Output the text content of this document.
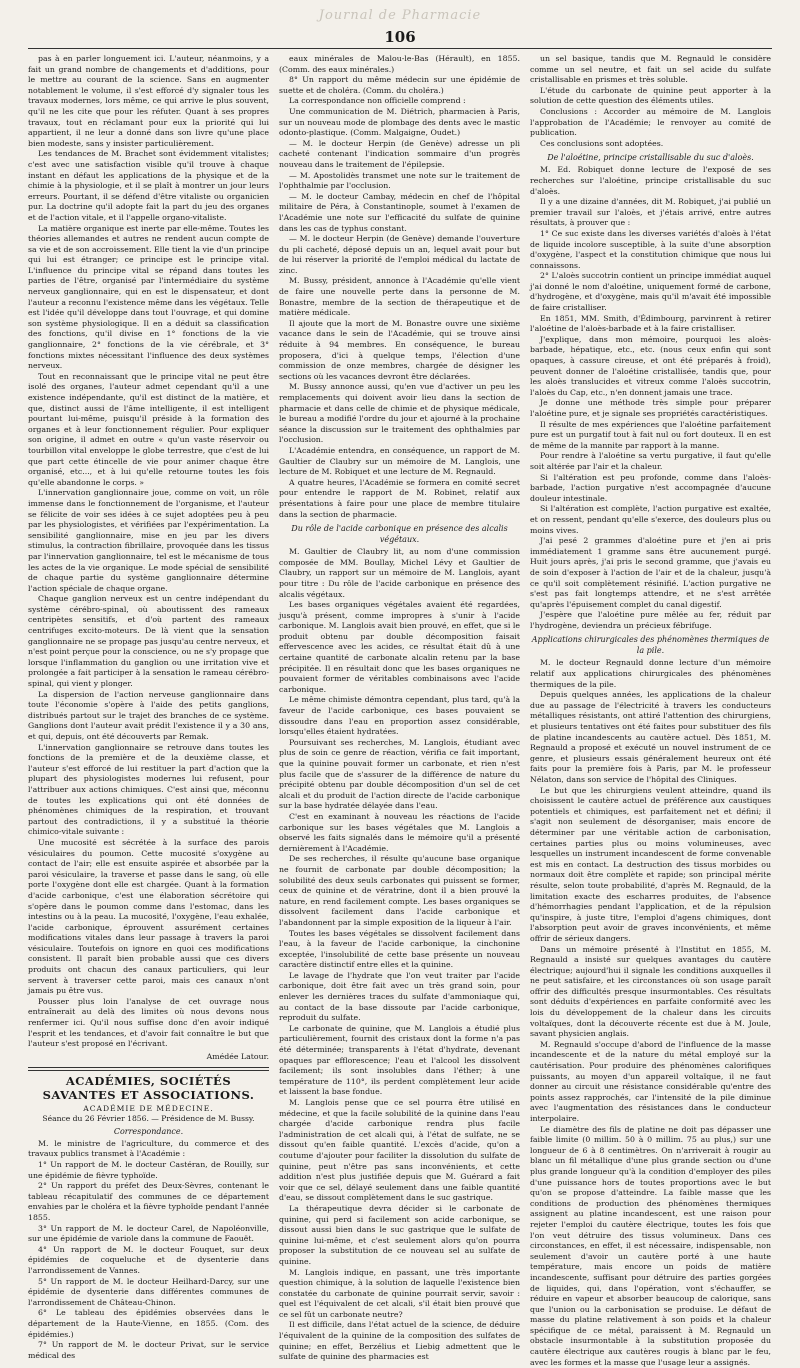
Journal de Pharmacie
106

pas à en parler longuement ici. L'auteur, néanmoins, y a fait un grand nombre de changements et d'additions, pour le mettre au courant de la science. Sans en augmenter notablement le volume, il s'est efforcé d'y signaler tous les travaux modernes, lors même, ce qui arrive le plus souvent, qu'il ne les cite que pour les réfuter. Quant à ses propres travaux, tout en réclamant pour eux la priorité qui lui appartient, il ne leur a donné dans son livre qu'une place bien modeste, sans y insister particulièrement.

Les tendances de M. Brachet sont évidemment vitalistes; c'est avec une satisfaction visible qu'il trouve à chaque instant en défaut les applications de la physique et de la chimie à la physiologie, et il se plaît à montrer un jour leurs erreurs. Pourtant, il se défend d'être vitaliste ou organicien pur. La doctrine qu'il adopte fait la part du jeu des organes et de l'action vitale, et il l'appelle organo-vitaliste.

La matière organique est inerte par elle-même. Toutes les théories allemandes et autres ne rendent aucun compte de sa vie et de son accroissement. Elle tient la vie d'un principe qui lui est étranger; ce principe est le principe vital. L'influence du principe vital se répand dans toutes les parties de l'être, organisé par l'intermédiaire du système nerveux ganglionnaire, qui en est le dispensateur, et dont l'auteur a reconnu l'existence même dans les végétaux. Telle est l'idée qu'il développe dans tout l'ouvrage, et qui domine son système physiologique. Il en a déduit sa classification des fonctions, qu'il divise en 1° fonctions de la vie ganglionnaire, 2° fonctions de la vie cérébrale, et 3° fonctions mixtes nécessitant l'influence des deux systèmes nerveux.

Tout en reconnaissant que le principe vital ne peut être isolé des organes, l'auteur admet cependant qu'il a une existence indépendante, qu'il est distinct de la matière, et que, distinct aussi de l'âme intelligente, il est intelligent pourtant lui-même, puisqu'il préside à la formation des organes et à leur fonctionnement régulier. Pour expliquer son origine, il admet en outre « qu'un vaste réservoir ou tourbillon vital enveloppe le globe terrestre, que c'est de lui que part cette étincelle de vie pour animer chaque être organisé, etc..., et à lui qu'elle retourne toutes les fois qu'elle abandonne le corps. »

L'innervation ganglionnaire joue, comme on voit, un rôle immense dans le fonctionnement de l'organisme, et l'auteur se félicite de voir ses idées à ce sujet adoptées peu à peu par les physiologistes, et vérifiées par l'expérimentation. La sensibilité ganglionnaire, mise en jeu par les divers stimulus, la contraction fibrillaire, provoquée dans les tissus par l'innervation ganglionnaire, tel est le mécanisme de tous les actes de la vie organique. Le mode spécial de sensibilité de chaque partie du système ganglionnaire détermine l'action spéciale de chaque organe.

Chaque ganglion nerveux est un centre indépendant du système cérébro-spinal, où aboutissent des rameaux centripètes sensitifs, et d'où partent des rameaux centrifuges excito-moteurs. De là vient que la sensation ganglionnaire ne se propage pas jusqu'au centre nerveux, et n'est point perçue pour la conscience, ou ne s'y propage que lorsque l'inflammation du ganglion ou une irritation vive et prolongée a fait participer à la sensation le rameau cérébro-spinal, qui vient y plonger.

La dispersion de l'action nerveuse ganglionnaire dans toute l'économie s'opère à l'aide des petits ganglions, distribués partout sur le trajet des branches de ce système. Ganglions dont l'auteur avait prédit l'existence il y a 30 ans, et qui, depuis, ont été découverts par Remak.

L'innervation ganglionnaire se retrouve dans toutes les fonctions de la première et de la deuxième classe, et l'auteur s'est efforcé de lui restituer la part d'action que la plupart des physiologistes modernes lui refusent, pour l'attribuer aux actions chimiques. C'est ainsi que, méconnu de toutes les explications qui ont été données de phénomènes chimiques de la respiration, et trouvant partout des contradictions, il y a substitué la théorie chimico-vitale suivante :

Une mucosité est sécrétée à la surface des parois vésiculaires du poumon. Cette mucosité s'oxygène au contact de l'air; elle est ensuite aspirée et absorbée par la paroi vésiculaire, la traverse et passe dans le sang, où elle porte l'oxygène dont elle est chargée. Quant à la formation d'acide carbonique, c'est une élaboration sécrétoire qui s'opère dans le poumon comme dans l'estomac, dans les intestins ou à la peau. La mucosité, l'oxygène, l'eau exhalée, l'acide carbonique, éprouvent assurément certaines modifications vitales dans leur passage à travers la paroi vésiculaire. Toutefois on ignore en quoi ces modifications consistent. Il paraît bien probable aussi que ces divers produits ont chacun des canaux particuliers, qui leur servent à traverser cette paroi, mais ces canaux n'ont jamais pu être vus.

Pousser plus loin l'analyse de cet ouvrage nous entraînerait au delà des limites où nous devons nous renfermer ici. Qu'il nous suffise donc d'en avoir indiqué l'esprit et les tendances, et d'avoir fait connaître le but que l'auteur s'est proposé en l'écrivant.

Amédée Latour.
ACADÉMIES, SOCIÉTÉS SAVANTES ET ASSOCIATIONS.
ACADÉMIE DE MÉDECINE.
Séance du 26 Février 1856. — Présidence de M. Bussy.
Correspondance.

M. le ministre de l'agriculture, du commerce et des travaux publics transmet à l'Académie :

1° Un rapport de M. le docteur Castéran, de Rouilly, sur une épidémie de fièvre typhoïde.

2° Un rapport du préfet des Deux-Sèvres, contenant le tableau récapitulatif des communes de ce département envahies par le choléra et la fièvre typhoïde pendant l'année 1855.

3° Un rapport de M. le docteur Carel, de Napoléonville, sur une épidémie de variole dans la commune de Faouët.

4° Un rapport de M. le docteur Fouquet, sur deux épidémies de coqueluche et de dysenterie dans l'arrondissement de Vannes.

5° Un rapport de M. le docteur Heilhard-Darcy, sur une épidémie de dysenterie dans différentes communes de l'arrondissement de Château-Chinon.

6° Le tableau des épidémies observées dans le département de la Haute-Vienne, en 1855. (Com. des épidémies.)

7° Un rapport de M. le docteur Privat, sur le service médical des

eaux minérales de Malou-le-Bas (Hérault), en 1855. (Comm. des eaux minérales.)

8° Un rapport du même médecin sur une épidémie de suette et de choléra. (Comm. du choléra.)

La correspondance non officielle comprend :

Une communication de M. Diétrich, pharmacien à Paris, sur un nouveau mode de plombage des dents avec le mastic odonto-plastique. (Comm. Malgaigne, Oudet.)

— M. le docteur Herpin (de Genève) adresse un pli cacheté contenant l'indication sommaire d'un progrès nouveau dans le traitement de l'épilepsie.

— M. Apostolidès transmet une note sur le traitement de l'ophthalmie par l'occlusion.

— M. le docteur Cambay, médecin en chef de l'hôpital militaire de Péra, à Constantinople, soumet à l'examen de l'Académie une note sur l'efficacité du sulfate de quinine dans les cas de typhus constant.

— M. le docteur Herpin (de Genève) demande l'ouverture du pli cacheté, déposé depuis un an, lequel avait pour but de lui réserver la priorité de l'emploi médical du lactate de zinc.

M. Bussy, président, annonce à l'Académie qu'elle vient de faire une nouvelle perte dans la personne de M. Bonastre, membre de la section de thérapeutique et de matière médicale.

Il ajoute que la mort de M. Bonastre ouvre une sixième vacance dans le sein de l'Académie, qui se trouve ainsi réduite à 94 membres. En conséquence, le bureau proposera, d'ici à quelque temps, l'élection d'une commission de onze membres, chargée de désigner les sections où les vacances devront être déclarées.

M. Bussy annonce aussi, qu'en vue d'activer un peu les remplacements qui doivent avoir lieu dans la section de pharmacie et dans celle de chimie et de physique médicale, le bureau a modifié l'ordre du jour et ajourné à la prochaine séance la discussion sur le traitement des ophthalmies par l'occlusion.

L'Académie entendra, en conséquence, un rapport de M. Gaultier de Claubry sur un mémoire de M. Langlois, une lecture de M. Robiquet et une lecture de M. Regnauld.

A quatre heures, l'Académie se formera en comité secret pour entendre le rapport de M. Robinet, relatif aux présentations à faire pour une place de membre titulaire dans la section de pharmacie.

Du rôle de l'acide carbonique en présence des alcalis végétaux.

M. Gaultier de Claubry lit, au nom d'une commission composée de MM. Boullay, Michel Lévy et Gaultier de Claubry, un rapport sur un mémoire de M. Langlois, ayant pour titre : Du rôle de l'acide carbonique en présence des alcalis végétaux.

Les bases organiques végétales avaient été regardées, jusqu'à présent, comme impropres à s'unir à l'acide carbonique. M. Langlois avait bien prouvé, en effet, que si le produit obtenu par double décomposition faisait effervescence avec les acides, ce résultat était dû à une certaine quantité de carbonate alcalin retenu par la base précipitée. Il en résultait donc que les bases organiques ne pouvaient former de véritables combinaisons avec l'acide carbonique.

Le même chimiste démontra cependant, plus tard, qu'à la faveur de l'acide carbonique, ces bases pouvaient se dissoudre dans l'eau en proportion assez considérable, lorsqu'elles étaient hydratées.

Poursuivant ses recherches, M. Langlois, étudiant avec plus de soin ce genre de réaction, vérifia ce fait important, que la quinine pouvait former un carbonate, et rien n'est plus facile que de s'assurer de la différence de nature du précipité obtenu par double décomposition d'un sel de cet alcali et du produit de l'action directe de l'acide carbonique sur la base hydratée délayée dans l'eau.

C'est en examinant à nouveau les réactions de l'acide carbonique sur les bases végétales que M. Langlois a observé les faits signalés dans le mémoire qu'il a présenté dernièrement à l'Académie.

De ses recherches, il résulte qu'aucune base organique ne fournit de carbonate par double décomposition; la solubilité des deux seuls carbonates qui puissent se former, ceux de quinine et de vératrine, dont il a bien prouvé la nature, en rend facilement compte. Les bases organiques se dissolvent facilement dans l'acide carbonique et l'abandonnent par la simple exposition de la liqueur à l'air.

Toutes les bases végétales se dissolvent facilement dans l'eau, à la faveur de l'acide carbonique, la cinchonine exceptée, l'insolubilité de cette base présente un nouveau caractère distinctif entre elles et la quinine.

Le lavage de l'hydrate que l'on veut traiter par l'acide carbonique, doit être fait avec un très grand soin, pour enlever les dernières traces du sulfate d'ammoniaque qui, au contact de la base dissoute par l'acide carbonique, reproduit du sulfate.

Le carbonate de quinine, que M. Langlois a étudié plus particulièrement, fournit des cristaux dont la forme n'a pas été déterminée; transparents à l'état d'hydrate, devenant opaques par efflorescence; l'eau et l'alcool les dissolvent facilement; ils sont insolubles dans l'éther; à une température de 110°, ils perdent complètement leur acide et laissent la base fondue.

M. Langlois pense que ce sel pourra être utilisé en médecine, et que la facile solubilité de la quinine dans l'eau chargée d'acide carbonique rendra plus facile l'administration de cet alcali qui, à l'état de sulfate, ne se dissout qu'en faible quantité. L'excès d'acide, qu'on a coutume d'ajouter pour faciliter la dissolution du sulfate de quinine, peut n'être pas sans inconvénients, et cette addition n'est plus justifiée depuis que M. Guérard a fait voir que ce sel, délayé seulement dans une faible quantité d'eau, se dissout complètement dans le suc gastrique.

La thérapeutique devra décider si le carbonate de quinine, qui perd si facilement son acide carbonique, se dissout aussi bien dans le suc gastrique que le sulfate de quinine lui-même, et c'est seulement alors qu'on pourra proposer la substitution de ce nouveau sel au sulfate de quinine.

M. Langlois indique, en passant, une très importante question chimique, à la solution de laquelle l'existence bien constatée du carbonate de quinine pourrait servir, savoir : quel est l'équivalent de cet alcali, s'il était bien prouvé que ce sel fût un carbonate neutre?

Il est difficile, dans l'état actuel de la science, de déduire l'équivalent de la quinine de la composition des sulfates de quinine; en effet, Berzélius et Liebig admettent que le sulfate de quinine des pharmacies est

un sel basique, tandis que M. Regnauld le considère comme un sel neutre, et fait un sel acide du sulfate cristallisable en prismes et très soluble.

L'étude du carbonate de quinine peut apporter à la solution de cette question des éléments utiles.

Conclusions : Accorder au mémoire de M. Langlois l'approbation de l'Académie; le renvoyer au comité de publication.

Ces conclusions sont adoptées.

De l'aloétine, principe cristallisable du suc d'aloès.

M. Ed. Robiquet donne lecture de l'exposé de ses recherches sur l'aloétine, principe cristallisable du suc d'aloès.

Il y a une dizaine d'années, dit M. Robiquet, j'ai publié un premier travail sur l'aloès, et j'étais arrivé, entre autres résultats, à prouver que :

1° Ce suc existe dans les diverses variétés d'aloès à l'état de liquide incolore susceptible, à la suite d'une absorption d'oxygène, l'aspect et la constitution chimique que nous lui connaissons.

2° L'aloès succotrin contient un principe immédiat auquel j'ai donné le nom d'aloétine, uniquement formé de carbone, d'hydrogène, et d'oxygène, mais qu'il m'avait été impossible de faire cristalliser.

En 1851, MM. Smith, d'Édimbourg, parvinrent à retirer l'aloétine de l'aloès-barbade et à la faire cristalliser.

J'explique, dans mon mémoire, pourquoi les aloès-barbade, hépatique, etc., etc. (nous ceux enfin qui sont opaques, à cassure cireuse, et ont été préparés à froid), peuvent donner de l'aloétine cristallisée, tandis que, pour les aloès translucides et vitreux comme l'aloès succotrin, l'aloès du Cap, etc., n'en donnent jamais une trace.

Je donne une méthode très simple pour préparer l'aloétine pure, et je signale ses propriétés caractéristiques.

Il résulte de mes expériences que l'aloétine parfaitement pure est un purgatif tout à fait nul ou fort douteux. Il en est de même de la mannite par rapport à la manne.

Pour rendre à l'aloétine sa vertu purgative, il faut qu'elle soit altérée par l'air et la chaleur.

Si l'altération est peu profonde, comme dans l'aloès-barbade, l'action purgative n'est accompagnée d'aucune douleur intestinale.

Si l'altération est complète, l'action purgative est exaltée, et on ressent, pendant qu'elle s'exerce, des douleurs plus ou moins vives.

J'ai pesé 2 grammes d'aloétine pure et j'en ai pris immédiatement 1 gramme sans être aucunement purgé. Huit jours après, j'ai pris le second gramme, que j'avais eu de soin d'exposer à l'action de l'air et de la chaleur, jusqu'à ce qu'il soit complètement résinifié. L'action purgative ne s'est pas fait longtemps attendre, et ne s'est arrêtée qu'après l'épuisement complet du canal digestif.

J'espère que l'aloétine pure mêlée au fer, réduit par l'hydrogène, deviendra un précieux fébrifuge.

Applications chirurgicales des phénomènes thermiques de la pile.

M. le docteur Regnauld donne lecture d'un mémoire relatif aux applications chirurgicales des phénomènes thermiques de la pile.

Depuis quelques années, les applications de la chaleur due au passage de l'électricité à travers les conducteurs métalliques résistants, ont attiré l'attention des chirurgiens, et plusieurs tentatives ont été faites pour substituer des fils de platine incandescents au cautère actuel. Dès 1851, M. Regnauld a proposé et exécuté un nouvel instrument de ce genre, et plusieurs essais généralement heureux ont été faits pour la première fois à Paris, par M. le professeur Nélaton, dans son service de l'hôpital des Cliniques.

Le but que les chirurgiens veulent atteindre, quand ils choisissent le cautère actuel de préférence aux caustiques potentiels et chimiques, est parfaitement net et défini; il s'agit non seulement de désorganiser, mais encore de déterminer par une véritable action de carbonisation, certaines parties plus ou moins volumineuses, avec lesquelles un instrument incandescent de forme convenable est mis en contact. La destruction des tissus morbides ou normaux doit être complète et rapide; son principal mérite résulte, selon toute probabilité, d'après M. Regnauld, de la limitation exacte des escharres produites, de l'absence d'hémorrhagies pendant l'application, et de la répulsion qu'inspire, à juste titre, l'emploi d'agens chimiques, dont l'absorption peut avoir de graves inconvénients, et même offrir de sérieux dangers.

Dans un mémoire présenté à l'Institut en 1855, M. Regnauld a insisté sur quelques avantages du cautère électrique; aujourd'hui il signale les conditions auxquelles il ne peut satisfaire, et les circonstances où son usage paraît offrir des difficultés presque insurmontables. Ces résultats sont déduits d'expériences en parfaite conformité avec les lois du développement de la chaleur dans les circuits voltaïques, dont la découverte récente est due à M. Joule, savant physicien anglais.

M. Regnauld s'occupe d'abord de l'influence de la masse incandescente et de la nature du métal employé sur la cautérisation. Pour produire des phénomènes calorifiques puissants, au moyen d'un appareil voltaïque, il ne faut donner au circuit une résistance considérable qu'entre des points assez rapprochés, car l'intensité de la pile diminue avec l'augmentation des résistances dans le conducteur interpolaire.

Le diamètre des fils de platine ne doit pas dépasser une faible limite (0 millim. 50 à 0 millim. 75 au plus,) sur une longueur de 6 à 8 centimètres. On n'arriverait à rougir au blanc un fil métallique d'une plus grande section ou d'une plus grande longueur qu'à la condition d'employer des piles d'une puissance hors de toutes proportions avec le but qu'on se propose d'atteindre. La faible masse que les conditions de production des phénomènes thermiques assignent au platine incandescent, est une raison pour rejeter l'emploi du cautère électrique, toutes les fois que l'on veut détruire des tissus volumineux. Dans ces circonstances, en effet, il est nécessaire, indispensable, non seulement d'avoir un cautère porté à une haute température, mais encore un poids de matière incandescente, suffisant pour détruire des parties gorgées de liquides, qui, dans l'opération, vont s'échauffer, se réduire en vapeur et absorber beaucoup de calorique, sans que l'union ou la carbonisation se produise. Le défaut de masse du platine relativement à son poids et la chaleur spécifique de ce métal, paraissent à M. Regnauld un obstacle insurmontable à la substitution proposée du cautère électrique aux cautères rougis à blanc par le feu, avec les formes et la masse que l'usage leur a assignés.
